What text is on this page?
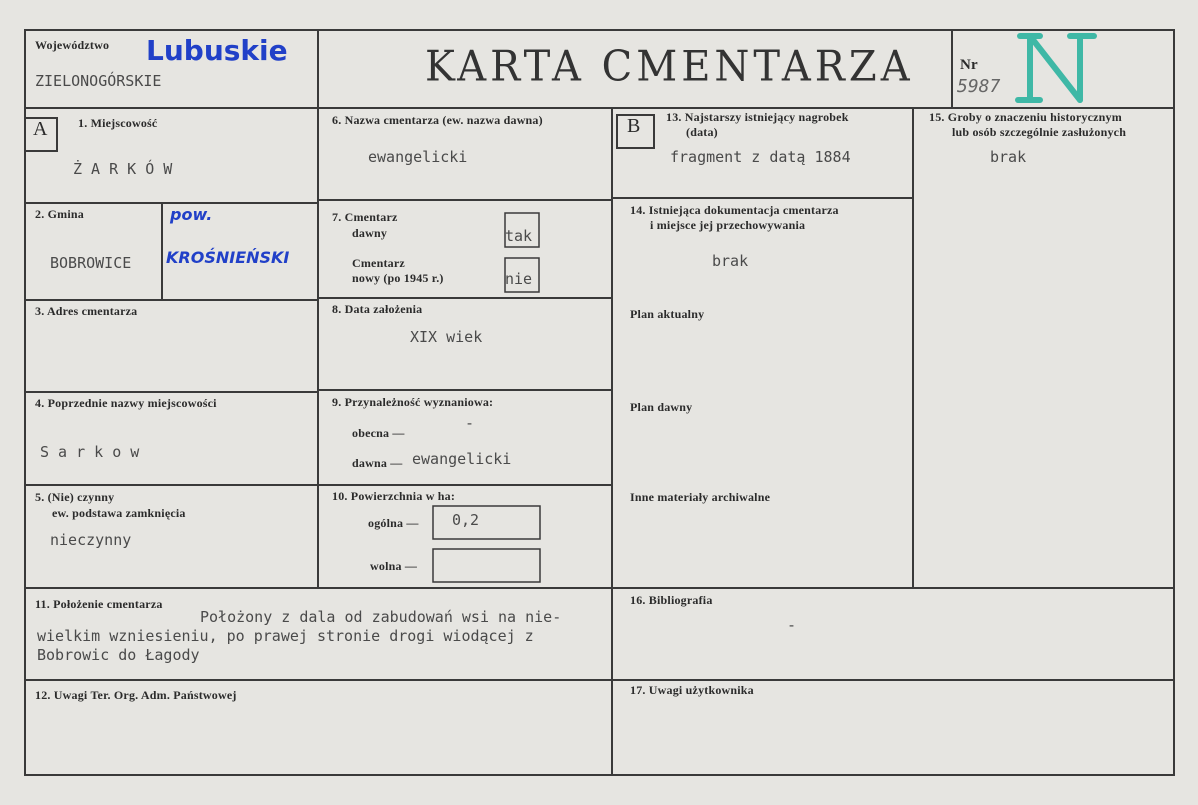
Województwo Lubuskie
ZIELONOGÓRSKIE	KARTA CMENTARZA	Nr
5987
A	1. Miejscowość
Ż A R K Ó W
2. Gmina
BOBROWICE
pow.
KROŚNIEŃSKI
3. Adres cmentarza
4. Poprzednie nazwy miejscowości
S a r k o w
5. (Nie) czynny
ew. podstawa zamknięcia
nieczynny
6. Nazwa cmentarza (ew. nazwa dawna)
ewangelicki
7. Cmentarz
dawny
Cmentarz
nowy (po 1945 r.)
tak
nie
8. Data założenia
XIX wiek
9. Przynależność wyznaniowa:
obecna —
-
dawna — ewangelicki
10. Powierzchnia w ha:
ogólna — 0,2
wolna —
11. Położenie cmentarza
Położony z dala od zabudowań wsi na nie-
wielkim wzniesieniu, po prawej stronie drogi wiodącej z
Bobrowic do Łagody
12. Uwagi Ter. Org. Adm. Państwowej
B 13. Najstarszy istniejący nagrobek
(data)
fragment z datą 1884
14. Istniejąca dokumentacja cmentarza
i miejsce jej przechowywania
brak
Plan aktualny
Plan dawny
Inne materiały archiwalne
15. Groby o znaczeniu historycznym
lub osób szczególnie zasłużonych
brak
16. Bibliografia
-
17. Uwagi użytkownika
